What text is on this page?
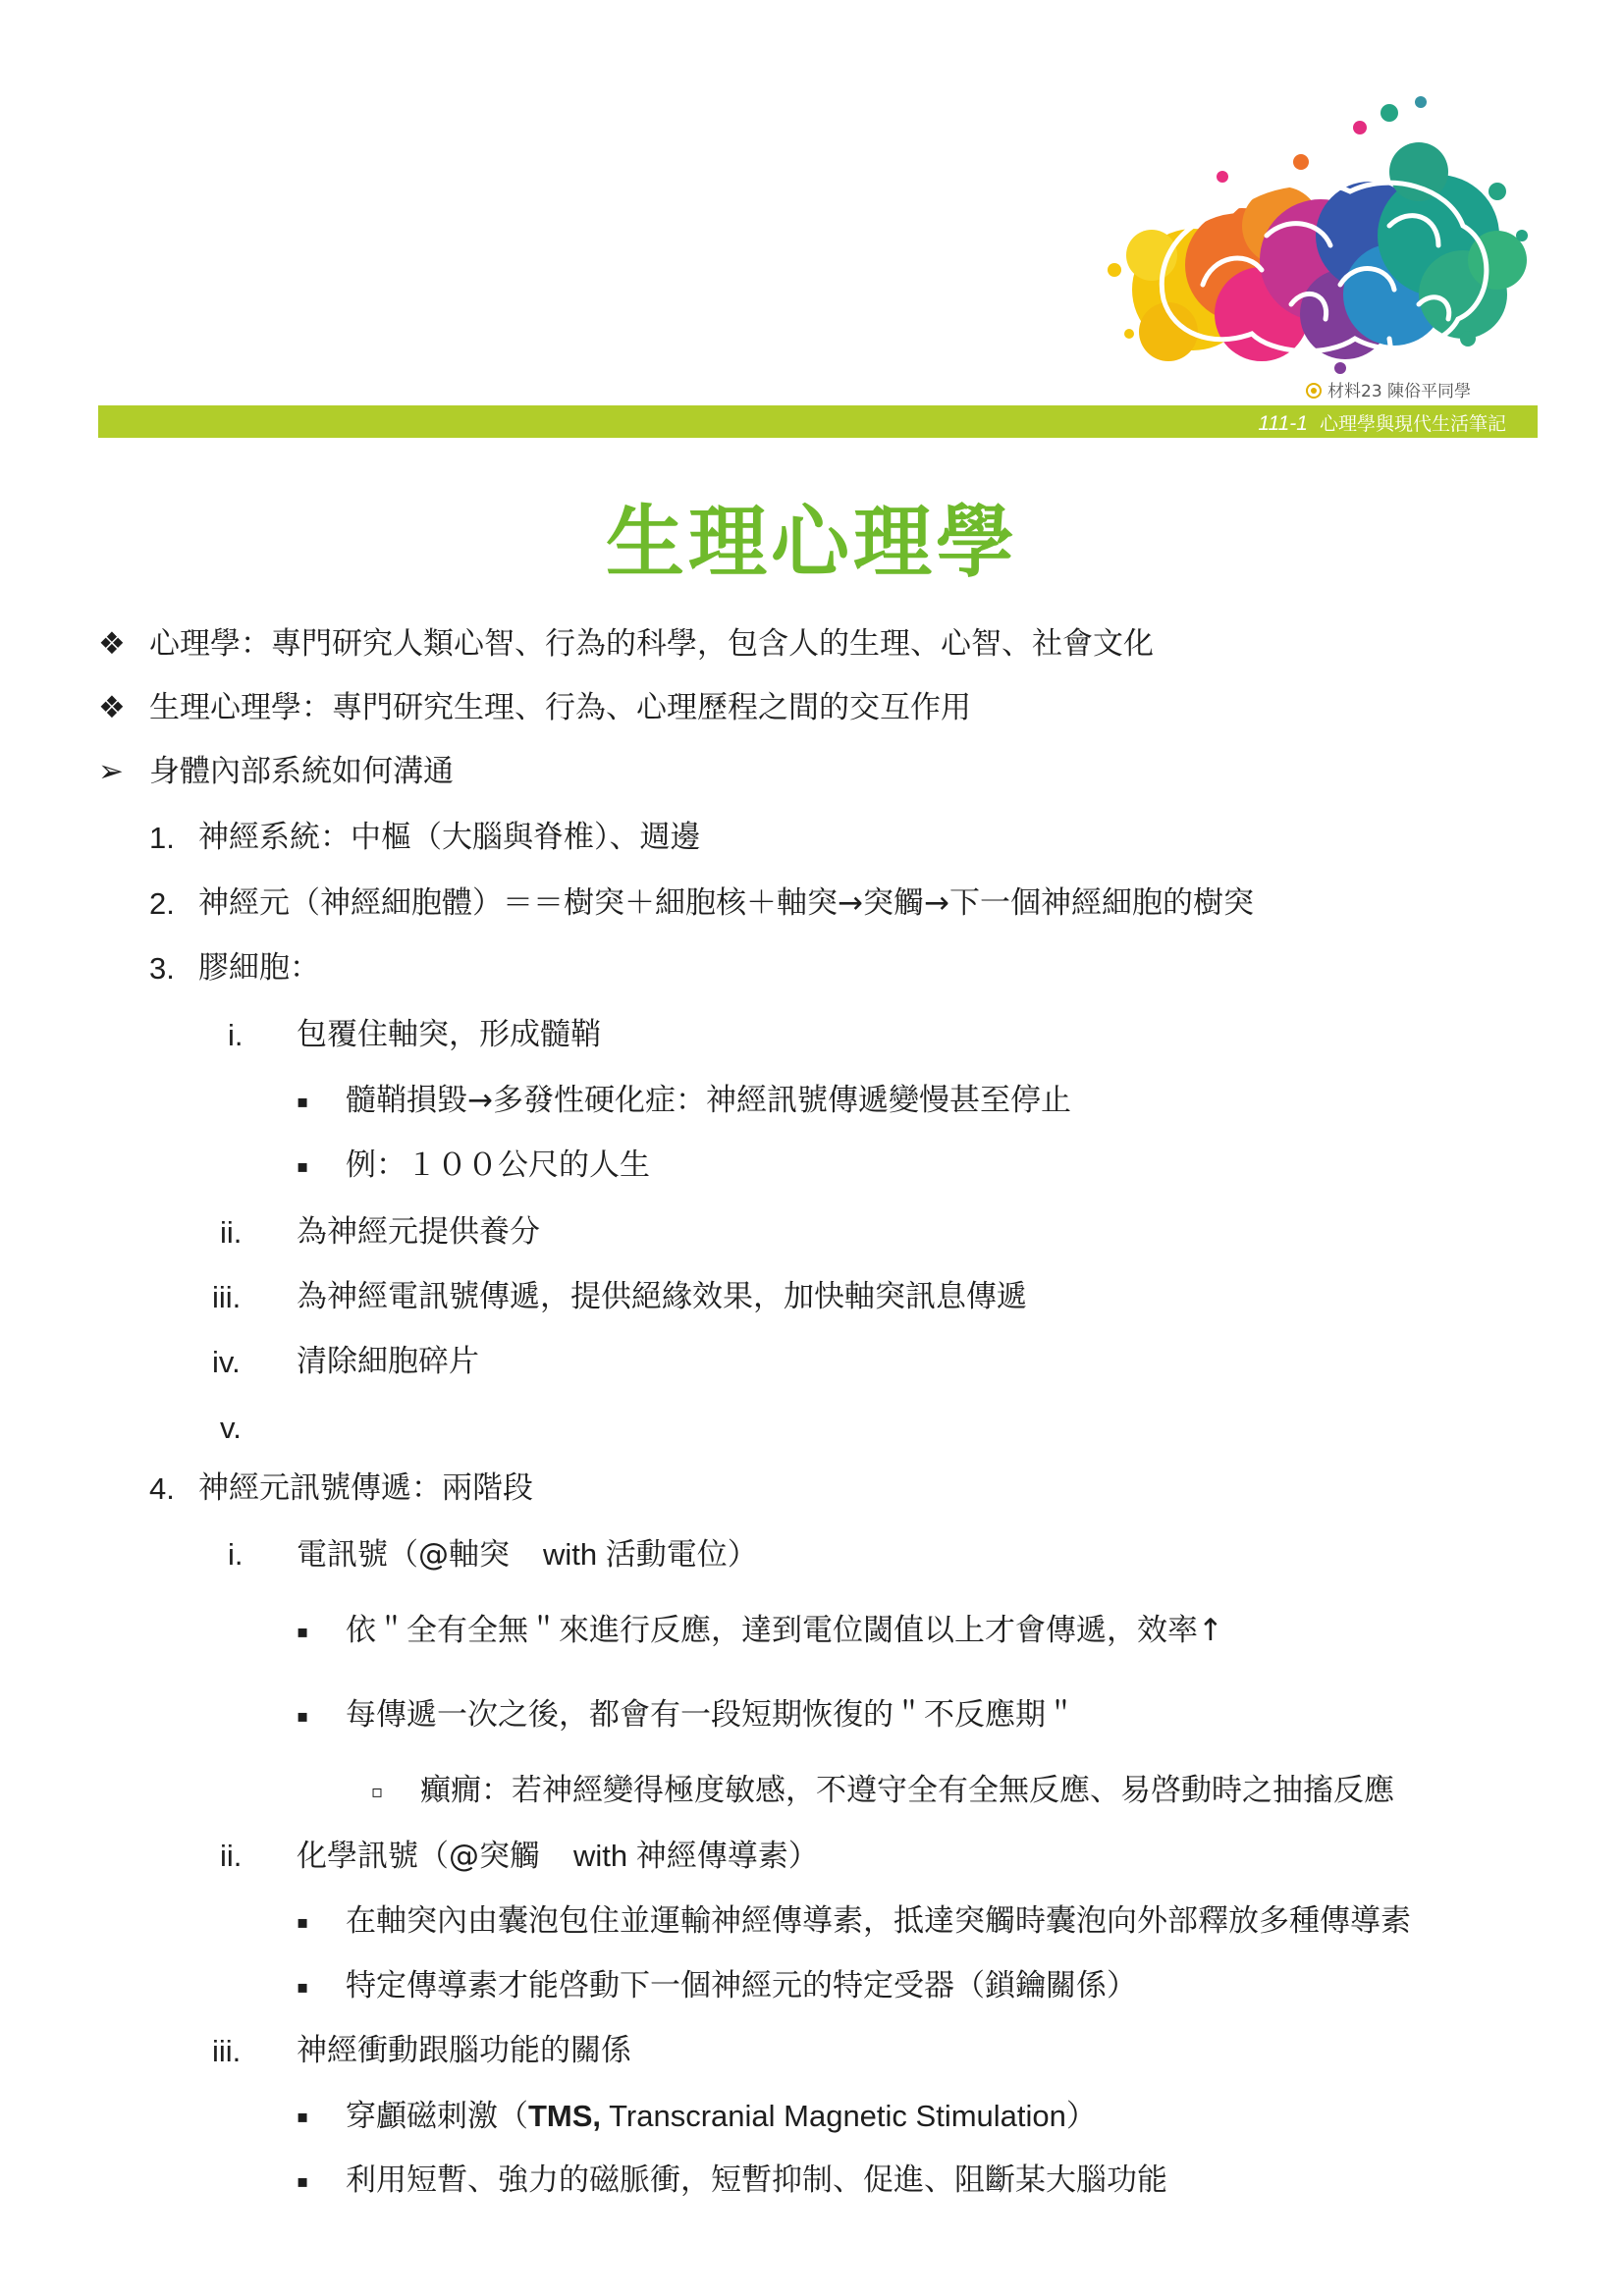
材料23 陳俗平同學
111-1 心理學與現代生活筆記
生理心理學
❖ 心理學：專門研究人類心智、行為的科學，包含人的生理、心智、社會文化
❖ 生理心理學：專門研究生理、行為、心理歷程之間的交互作用
➢ 身體內部系統如何溝通
1. 神經系統：中樞（大腦與脊椎）、週邊
2. 神經元（神經細胞體）＝＝樹突＋細胞核＋軸突→突觸→下一個神經細胞的樹突
3. 膠細胞：
i. 包覆住軸突，形成髓鞘
▪ 髓鞘損毀→多發性硬化症：神經訊號傳遞變慢甚至停止
▪ 例：１００公尺的人生
ii. 為神經元提供養分
iii. 為神經電訊號傳遞，提供絕緣效果，加快軸突訊息傳遞
iv. 清除細胞碎片
v.
4. 神經元訊號傳遞：兩階段
i. 電訊號（@軸突 with 活動電位）
▪ 依＂全有全無＂來進行反應，達到電位閾值以上才會傳遞，效率↑
▪ 每傳遞一次之後，都會有一段短期恢復的＂不反應期＂
▫ 癲癇：若神經變得極度敏感，不遵守全有全無反應、易啓動時之抽搐反應
ii. 化學訊號（@突觸 with 神經傳導素）
▪ 在軸突內由囊泡包住並運輸神經傳導素，抵達突觸時囊泡向外部釋放多種傳導素
▪ 特定傳導素才能啓動下一個神經元的特定受器（鎖鑰關係）
iii. 神經衝動跟腦功能的關係
▪ 穿顱磁刺激（TMS, Transcranial Magnetic Stimulation）
▪ 利用短暫、強力的磁脈衝，短暫抑制、促進、阻斷某大腦功能
